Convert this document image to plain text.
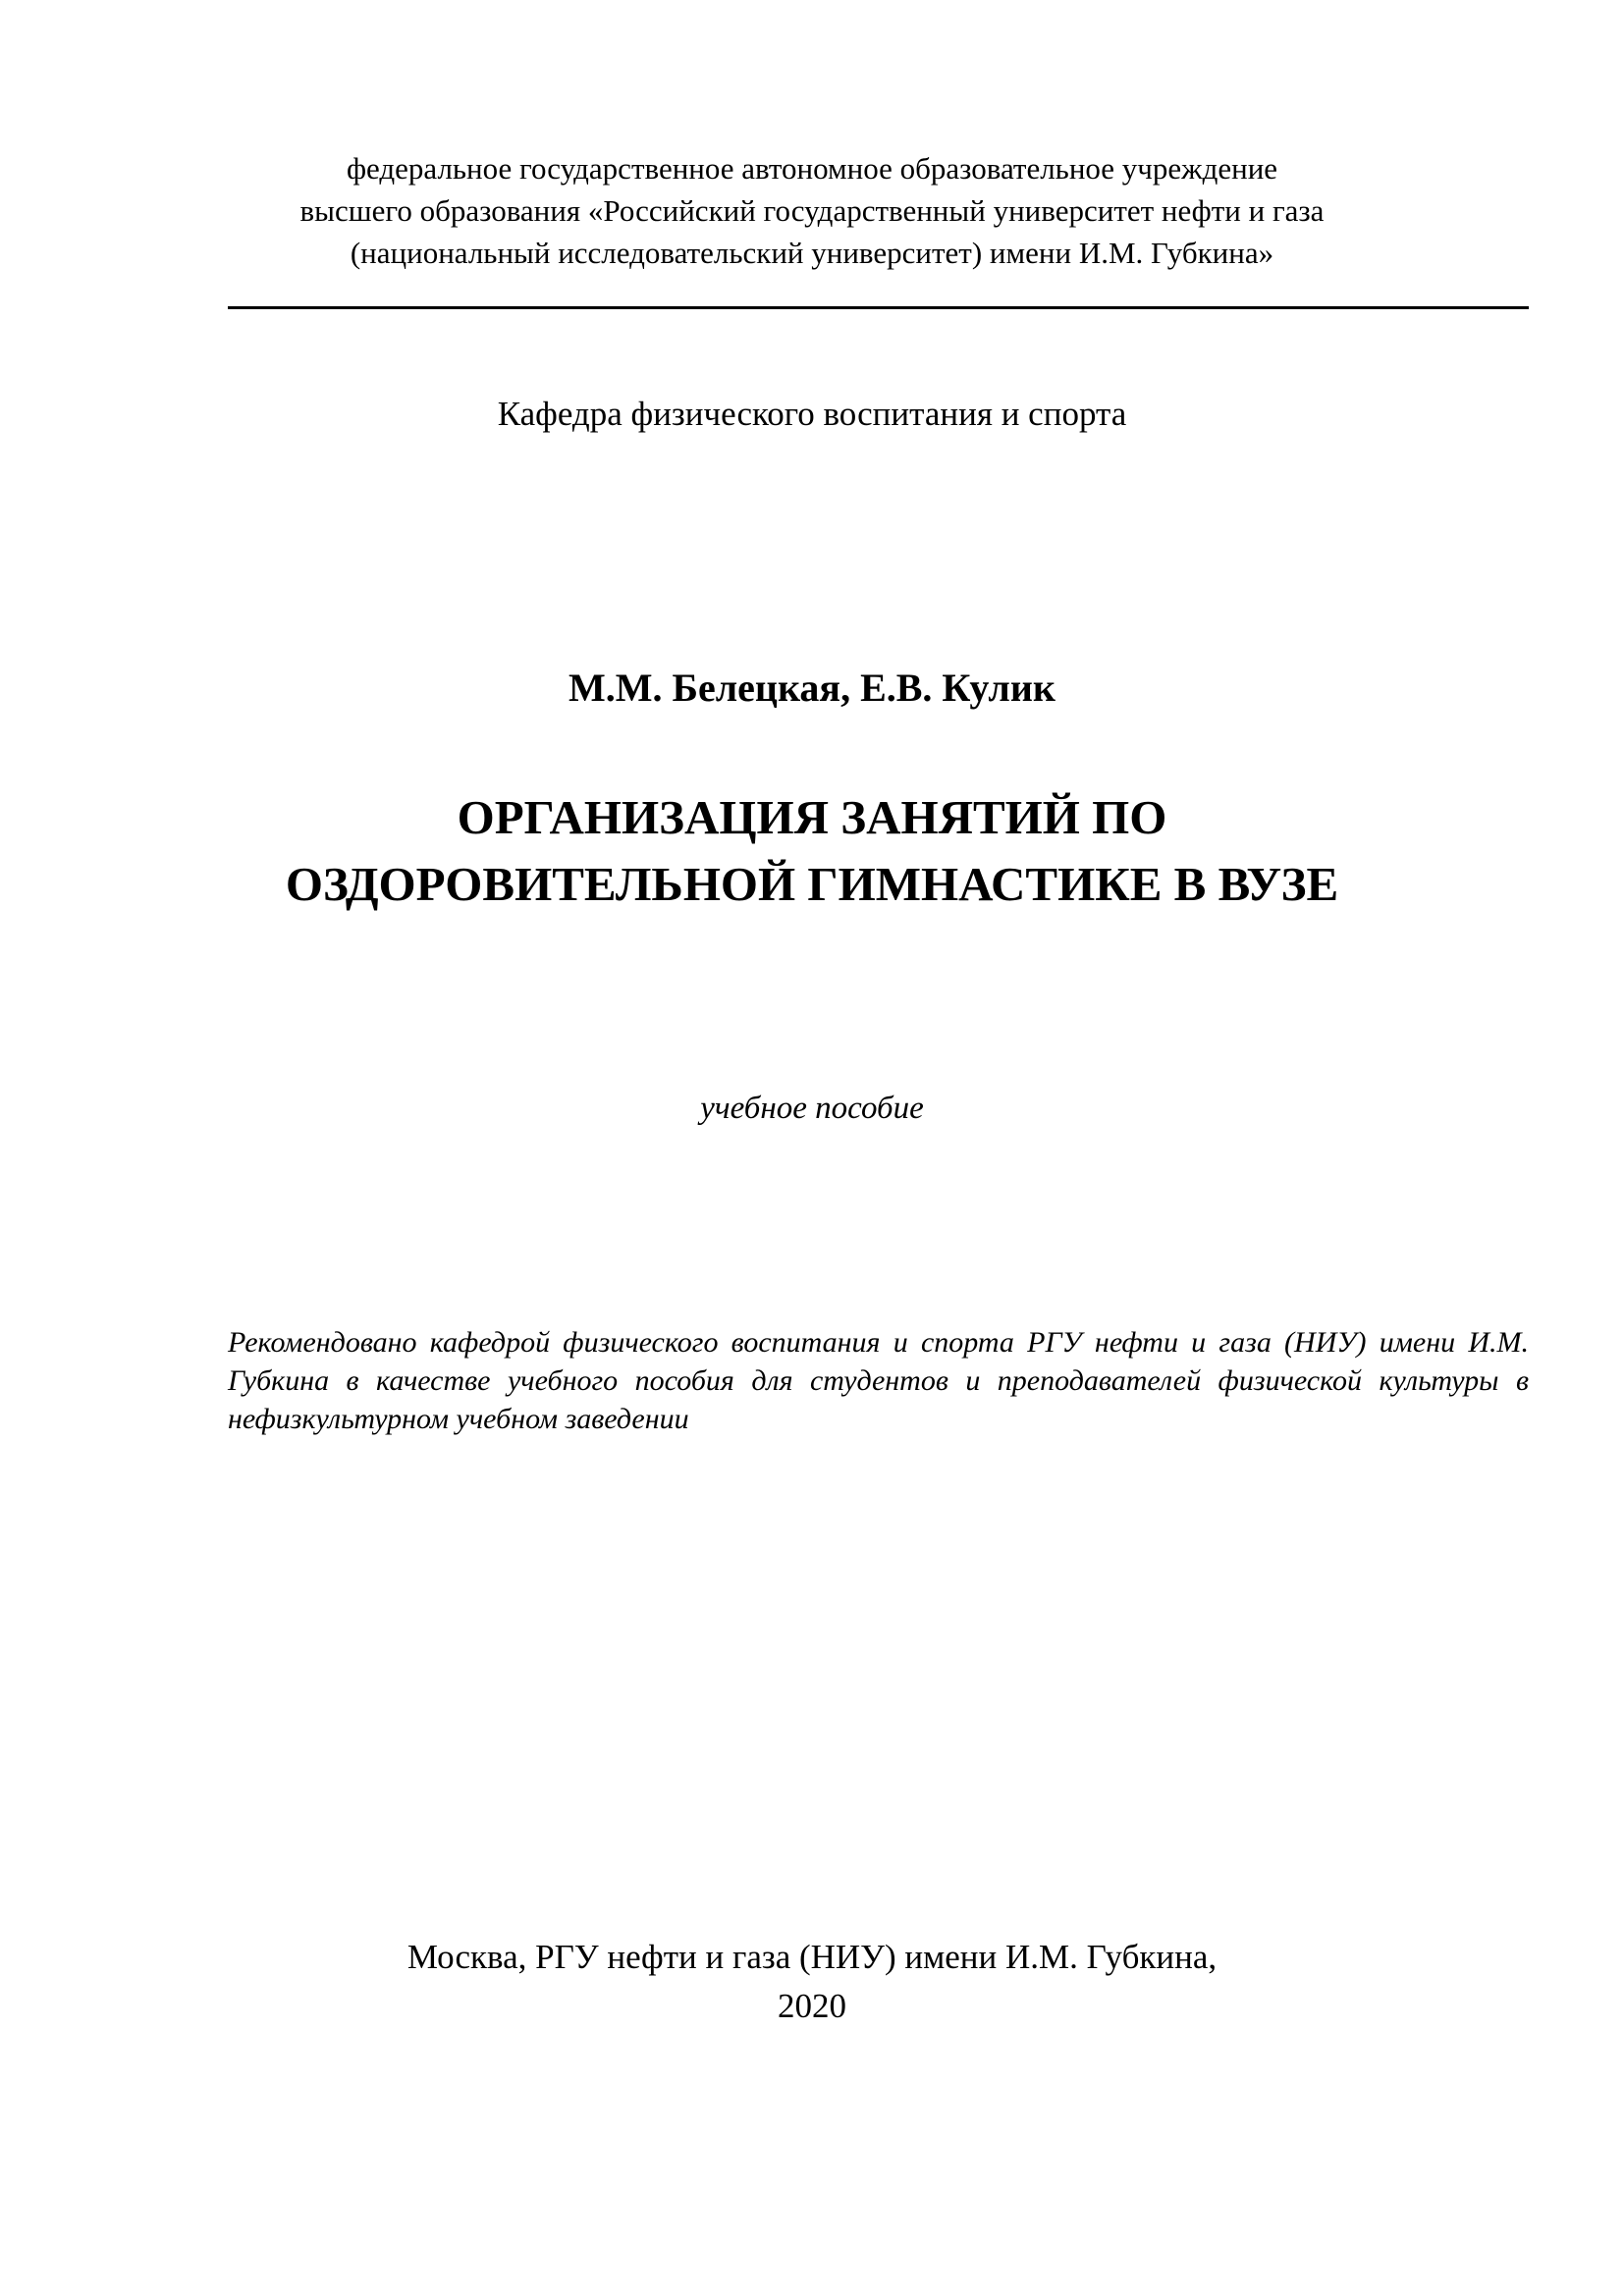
федеральное государственное автономное образовательное учреждение
высшего образования «Российский государственный университет нефти и газа
(национальный исследовательский университет) имени И.М. Губкина»
Кафедра физического воспитания и спорта
М.М. Белецкая, Е.В. Кулик
ОРГАНИЗАЦИЯ ЗАНЯТИЙ ПО
ОЗДОРОВИТЕЛЬНОЙ ГИМНАСТИКЕ В ВУЗЕ
учебное пособие
Рекомендовано кафедрой физического воспитания и спорта РГУ нефти и газа (НИУ) имени И.М. Губкина в качестве учебного пособия для студентов и преподавателей физической культуры в нефизкультурном учебном заведении
Москва, РГУ нефти и газа (НИУ) имени И.М. Губкина,
2020
